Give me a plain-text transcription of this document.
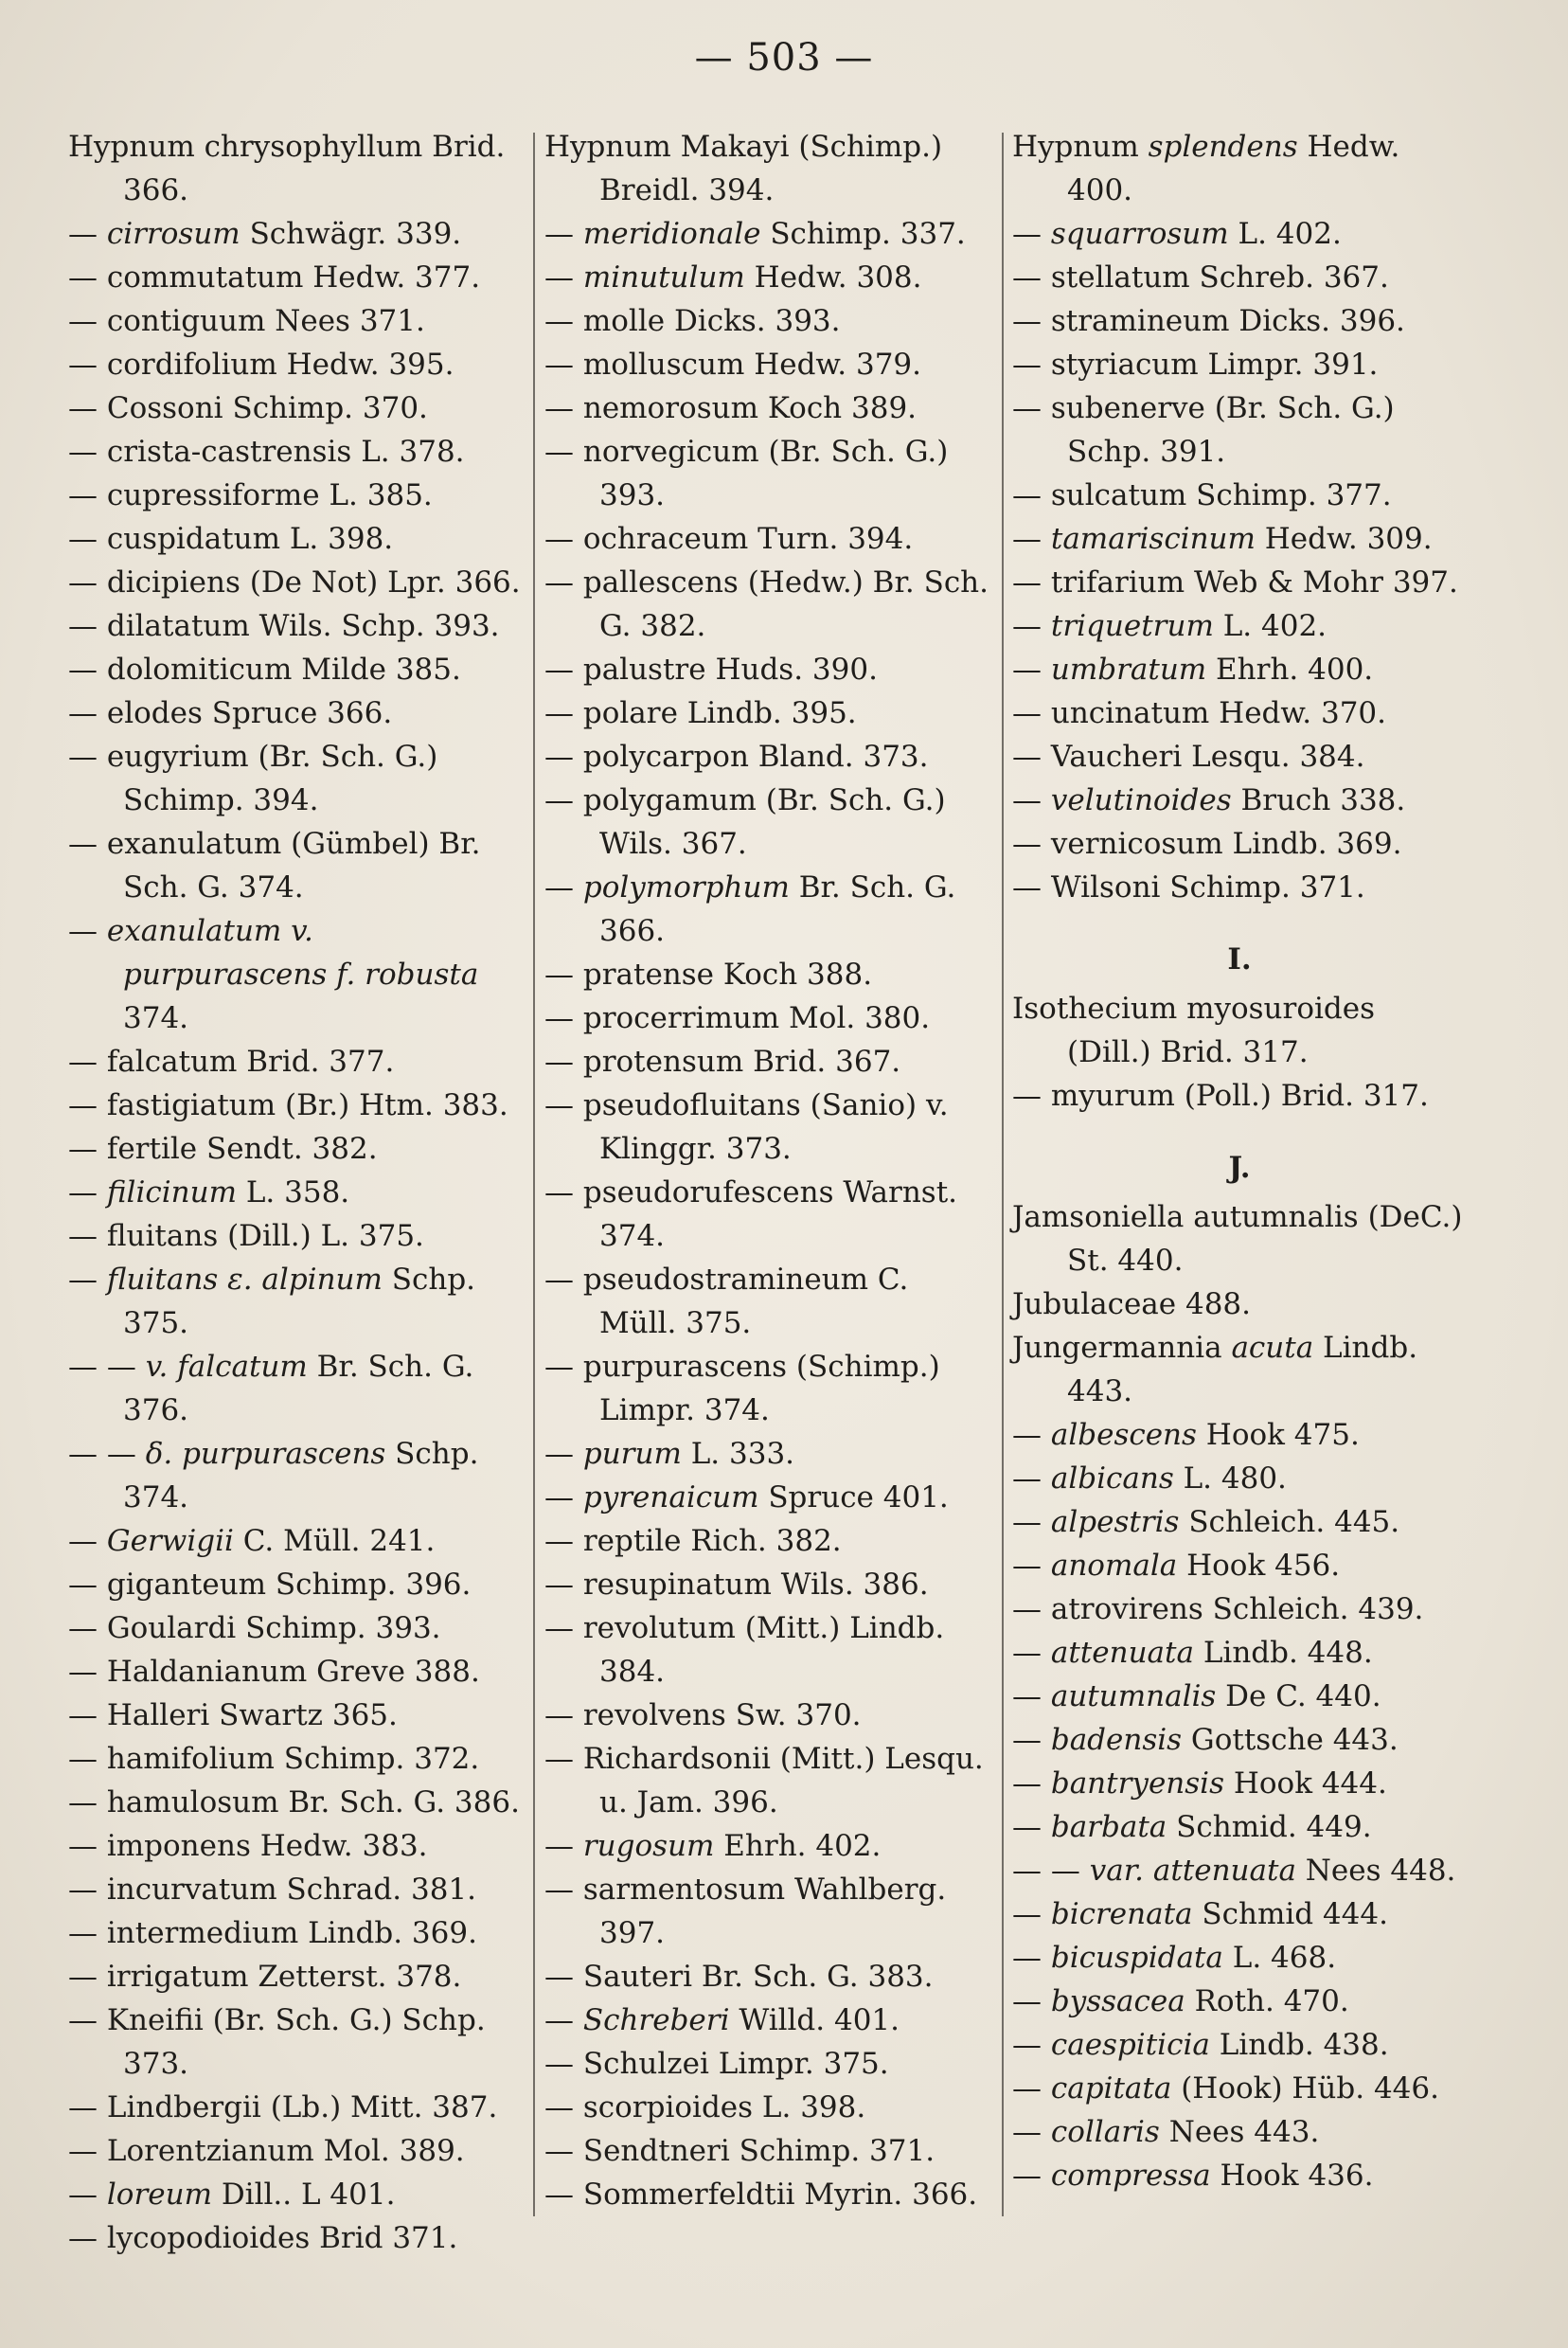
— 503 —
Hypnum chrysophyllum Brid. 366.
— cirrosum Schwägr. 339.
— commutatum Hedw. 377.
— contiguum Nees 371.
— cordifolium Hedw. 395.
— Cossoni Schimp. 370.
— crista-castrensis L. 378.
— cupressiforme L. 385.
— cuspidatum L. 398.
— dicipiens (De Not) Lpr. 366.
— dilatatum Wils. Schp. 393.
— dolomiticum Milde 385.
— elodes Spruce 366.
— eugyrium (Br. Sch. G.) Schimp. 394.
— exanulatum (Gümbel) Br. Sch. G. 374.
— exanulatum v. purpurascens f. robusta 374.
— falcatum Brid. 377.
— fastigiatum (Br.) Htm. 383.
— fertile Sendt. 382.
— filicinum L. 358.
— fluitans (Dill.) L. 375.
— fluitans ε. alpinum Schp. 375.
— — v. falcatum Br. Sch. G. 376.
— — δ. purpurascens Schp. 374.
— Gerwigii C. Müll. 241.
— giganteum Schimp. 396.
— Goulardi Schimp. 393.
— Haldanianum Greve 388.
— Halleri Swartz 365.
— hamifolium Schimp. 372.
— hamulosum Br. Sch. G. 386.
— imponens Hedw. 383.
— incurvatum Schrad. 381.
— intermedium Lindb. 369.
— irrigatum Zetterst. 378.
— Kneifii (Br. Sch. G.) Schp. 373.
— Lindbergii (Lb.) Mitt. 387.
— Lorentzianum Mol. 389.
— loreum Dill.. L 401.
— lycopodioides Brid 371.
Hypnum Makayi (Schimp.) Breidl. 394.
— meridionale Schimp. 337.
— minutulum Hedw. 308.
— molle Dicks. 393.
— molluscum Hedw. 379.
— nemorosum Koch 389.
— norvegicum (Br. Sch. G.) 393.
— ochraceum Turn. 394.
— pallescens (Hedw.) Br. Sch. G. 382.
— palustre Huds. 390.
— polare Lindb. 395.
— polycarpon Bland. 373.
— polygamum (Br. Sch. G.) Wils. 367.
— polymorphum Br. Sch. G. 366.
— pratense Koch 388.
— procerrimum Mol. 380.
— protensum Brid. 367.
— pseudofluitans (Sanio) v. Klinggr. 373.
— pseudorufescens Warnst. 374.
— pseudostramineum C. Müll. 375.
— purpurascens (Schimp.) Limpr. 374.
— purum L. 333.
— pyrenaicum Spruce 401.
— reptile Rich. 382.
— resupinatum Wils. 386.
— revolutum (Mitt.) Lindb. 384.
— revolvens Sw. 370.
— Richardsonii (Mitt.) Lesqu. u. Jam. 396.
— rugosum Ehrh. 402.
— sarmentosum Wahlberg. 397.
— Sauteri Br. Sch. G. 383.
— Schreberi Willd. 401.
— Schulzei Limpr. 375.
— scorpioides L. 398.
— Sendtneri Schimp. 371.
— Sommerfeldtii Myrin. 366.
Hypnum splendens Hedw. 400.
— squarrosum L. 402.
— stellatum Schreb. 367.
— stramineum Dicks. 396.
— styriacum Limpr. 391.
— subenerve (Br. Sch. G.) Schp. 391.
— sulcatum Schimp. 377.
— tamariscinum Hedw. 309.
— trifarium Web & Mohr 397.
— triquetrum L. 402.
— umbratum Ehrh. 400.
— uncinatum Hedw. 370.
— Vaucheri Lesqu. 384.
— velutinoides Bruch 338.
— vernicosum Lindb. 369.
— Wilsoni Schimp. 371.
I.
Isothecium myosuroides (Dill.) Brid. 317.
— myurum (Poll.) Brid. 317.
J.
Jamsoniella autumnalis (DeC.) St. 440.
Jubulaceae 488.
Jungermannia acuta Lindb. 443.
— albescens Hook 475.
— albicans L. 480.
— alpestris Schleich. 445.
— anomala Hook 456.
— atrovirens Schleich. 439.
— attenuata Lindb. 448.
— autumnalis De C. 440.
— badensis Gottsche 443.
— bantryensis Hook 444.
— barbata Schmid. 449.
— — var. attenuata Nees 448.
— bicrenata Schmid 444.
— bicuspidata L. 468.
— byssacea Roth. 470.
— caespiticia Lindb. 438.
— capitata (Hook) Hüb. 446.
— collaris Nees 443.
— compressa Hook 436.
